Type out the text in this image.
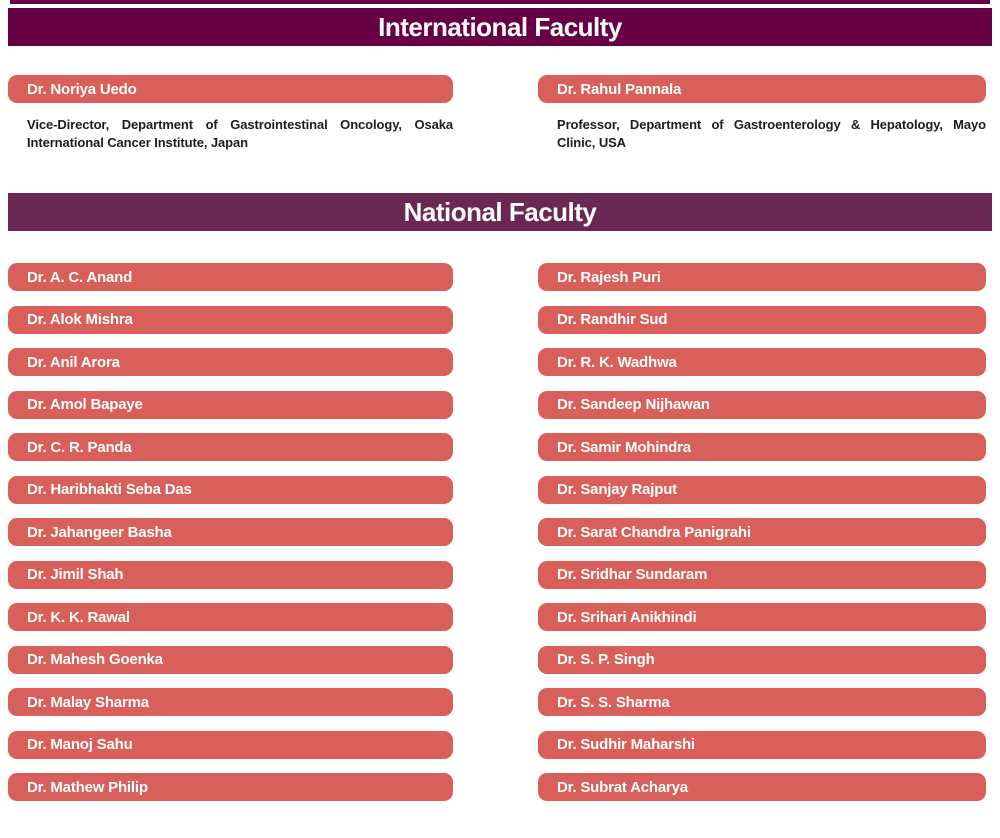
International Faculty
Dr. Noriya Uedo
Vice-Director, Department of Gastrointestinal Oncology, Osaka International Cancer Institute, Japan
Dr. Rahul Pannala
Professor, Department of Gastroenterology & Hepatology, Mayo Clinic, USA
National Faculty
Dr. A. C. Anand
Dr. Alok Mishra
Dr. Anil Arora
Dr. Amol Bapaye
Dr. C. R. Panda
Dr. Haribhakti Seba Das
Dr. Jahangeer Basha
Dr. Jimil Shah
Dr. K. K. Rawal
Dr. Mahesh Goenka
Dr. Malay Sharma
Dr. Manoj Sahu
Dr. Mathew Philip
Dr. Rajesh Puri
Dr. Randhir Sud
Dr. R. K. Wadhwa
Dr. Sandeep Nijhawan
Dr. Samir Mohindra
Dr. Sanjay Rajput
Dr. Sarat Chandra Panigrahi
Dr. Sridhar Sundaram
Dr. Srihari Anikhindi
Dr. S. P. Singh
Dr. S. S. Sharma
Dr. Sudhir Maharshi
Dr. Subrat Acharya
